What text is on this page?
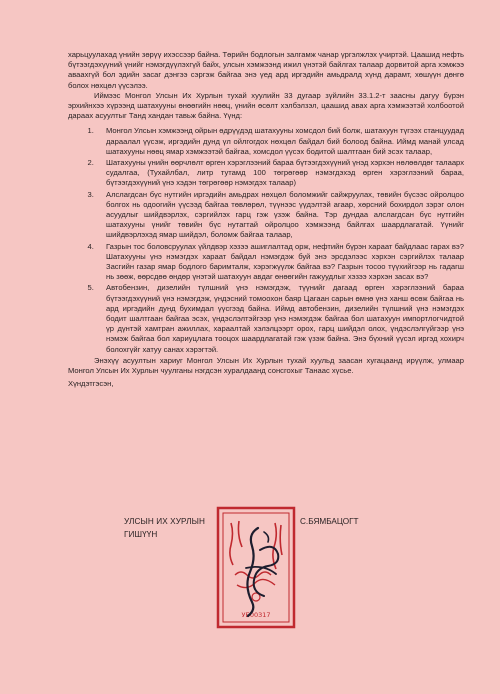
харьцуулахад үнийн зөрүү ихэссээр байна. Төрийн бодлогын залгамж чанар үргэлжлэх үчиртэй. Цаашид нефть бүтээгдэхүүний үнийг нэмэгдүүлэхгүй байх, улсын хэмжээнд ижил үнэтэй байлгах талаар дорвитой арга хэмжээ аваахгүй бол эдийн засаг дэнгээ сэргэж байгаа энэ үед ард иргэдийн амьдралд хүнд дарамт, хөшүүн дөнгө болох нөхцөл үүсэлээ.

Иймээс Монгол Улсын Их Хурлын тухай хуулийн 33 дугаар зүйлийн 33.1.2-т заасны дагуу бүрэн эрхийнхээ хүрээнд шатахууны өнөөгийн нөөц, үнийн өсөлт хэлбэлзэл, цаашид авах арга хэмжээтэй холбоотой дараах асуултыг Танд хандан тавьж байна. Үүнд:

1. Монгол Улсын хэмжээнд ойрын өдрүүдэд шатахууны хомсдол бий болж, шатахуун түгээх станцуудад дараалал үүсэж, иргэдийн дунд үл ойлгогдох нөхцөл байдал бий болоод байна. Иймд манай улсад шатахууны нөөц ямар хэмжээтэй байгаа, хомсдол үүсэх бодитой шалтгаан бий эсэх талаар,
2. Шатахууны үнийн өөрчлөлт өрген хэрэглээний бараа бүтээгдэхүүний үнэд хэрхэн нөлөөлдөг талаарх судалгаа, (Тухайлбал, литр тутамд 100 төгрөгөөр нэмэгдэхэд өрген хэрэглээний бараа, бүтээгдэхүүний үнэ хэдэн төгрөгөөр нэмэгдэх талаар)
3. Алслагдсан бүс нутгийн иргэдийн амьдрах нөхцөл боломжийг сайжруулах, төвийн бүсээс ойролцоо болгох нь одоогийн үүсээд байгаа төвлөрөл, түүнээс үүдэлтэй агаар, хөрсний бохирдол зэрэг олон асуудлыг шийдвэрлэх, сэргийлэх гарц гэж үзэж байна. Тэр дундаа алслагдсан бүс нутгийн шатахууны үнийг төвийн бүс нутагтай ойролцоо хэмжээнд байлгах шаардлагатай. Үүнийг шийдвэрлэхэд ямар шийдэл, боломж байгаа талаар,
4. Газрын тос боловсруулах үйлдвэр хэзээ ашиглалтад орж, нефтийн бүрэн хараат байдлаас гарах вэ? Шатахууны үнэ нэмэгдэх хараат байдал нэмэгдэж буй энэ эрсдэлээс хэрхэн сэргийлэх талаар Засгийн газар ямар бодлого баримталж, хэрэгжүүлж байгаа вэ? Газрын тосоо түүхийгээр нь гадагш нь зөөж, өөрсдөө өндөр үнэтэй шатахуун авдаг өнөөгийн гажуудлыг хэзээ хэрхэн засах вэ?
5. Автобензин, дизелийн түлшний үнэ нэмэгдэж, түүнийг дагаад өрген хэрэглээний бараа бүтээгдэхүүний үнэ нэмэгдэж, үндэсний томоохон баяр Цагаан сарын өмнө үнэ ханш өсөж байгаа нь ард иргэдийн дунд бухимдал үүсгээд байна. Иймд автобензин, дизелийн түлшний үнэ нэмэгдэх бодит шалтгаан байгаа эсэх, үндэслэлтэйгээр үнэ нэмэгдэж байгаа бол шатахуун импортлогчидтой үр дүнтэй хамтран ажиллах, хараалтай хэлэлцээрт орох, гарц шийдэл олох, үндэслэлгүйгээр үнэ нэмэж байгаа бол хариуцлага тооцох шаардлагатай гэж үзэж байна. Энэ бүхний үүсэл иргэд хохирч болохгүйг хатуу санах хэрэгтэй.

Энэхүү асуултын хариуг Монгол Улсын Их Хурлын тухай хуульд заасан хугацаанд ирүүлж, улмаар Монгол Улсын Их Хурлын чуулганы нэгдсэн хуралдаанд сонсгохыг Танаас хүсье.

Хүндэтгэсэн,

УЛСЫН ИХ ХУРЛЫН
ГИШҮҮН
УБ00317
С.БЯМБАЦОГТ
